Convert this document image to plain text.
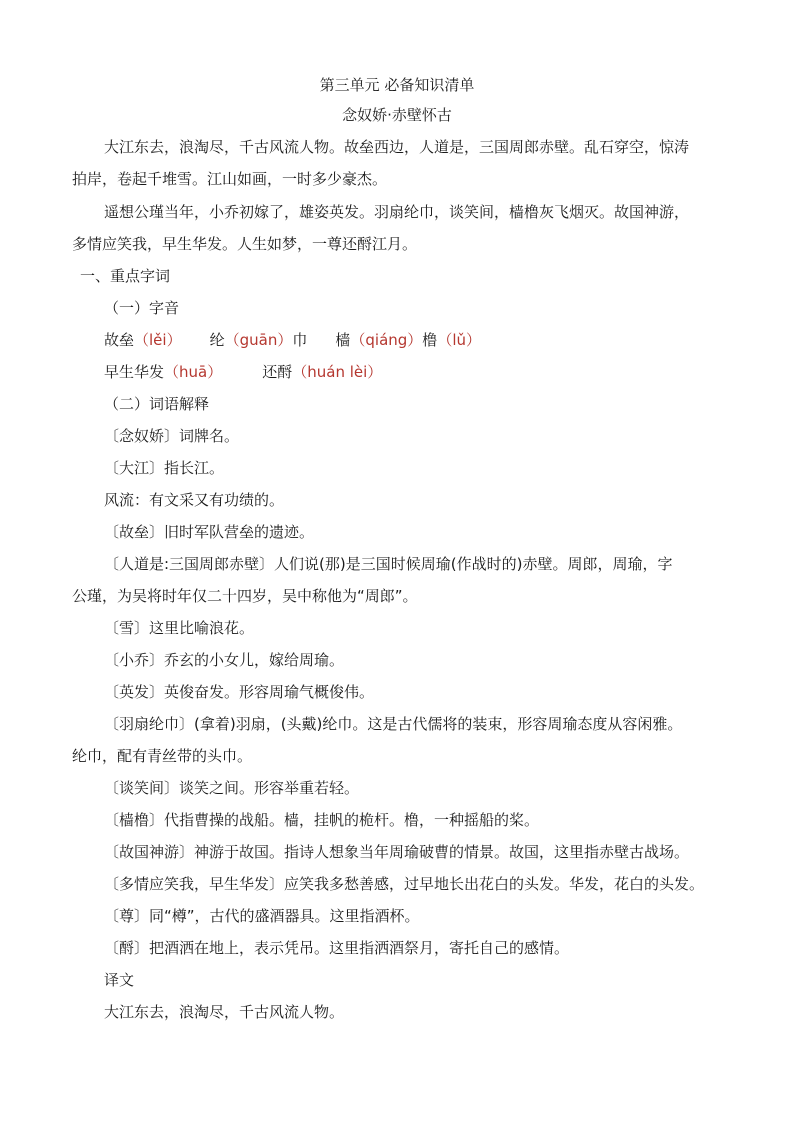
第三单元 必备知识清单
念奴娇·赤壁怀古
大江东去，浪淘尽，千古风流人物。故垒西边，人道是，三国周郎赤壁。乱石穿空，惊涛
拍岸，卷起千堆雪。江山如画，一时多少豪杰。
遥想公瑾当年，小乔初嫁了，雄姿英发。羽扇纶巾，谈笑间，樯橹灰飞烟灭。故国神游，
多情应笑我，早生华发。人生如梦，一尊还酹江月。
一、重点字词
（一）字音
故垒（lěi） 纶（guān）巾 樯（qiáng）橹（lǔ）
早生华发（huā）	还酹（huán lèi）
（二）词语解释
〔念奴娇〕词牌名。
〔大江〕指长江。
风流：有文采又有功绩的。
〔故垒〕旧时军队营垒的遗迹。
〔人道是:三国周郎赤壁〕人们说(那)是三国时候周瑜(作战时的)赤壁。周郎，周瑜，字
公瑾，为吴将时年仅二十四岁，吴中称他为“周郎”。
〔雪〕这里比喻浪花。
〔小乔〕乔玄的小女儿，嫁给周瑜。
〔英发〕英俊奋发。形容周瑜气概俊伟。
〔羽扇纶巾〕(拿着)羽扇，(头戴)纶巾。这是古代儒将的装束，形容周瑜态度从容闲雅。
纶巾，配有青丝带的头巾。
〔谈笑间〕谈笑之间。形容举重若轻。
〔樯橹〕代指曹操的战船。樯，挂帆的桅杆。橹，一种摇船的桨。
〔故国神游〕神游于故国。指诗人想象当年周瑜破曹的情景。故国，这里指赤壁古战场。
〔多情应笑我，早生华发〕应笑我多愁善感，过早地长出花白的头发。华发，花白的头发。
〔尊〕同“樽”，古代的盛酒器具。这里指酒杯。
〔酹〕把酒洒在地上，表示凭吊。这里指洒酒祭月，寄托自己的感情。
译文
大江东去，浪淘尽，千古风流人物。
